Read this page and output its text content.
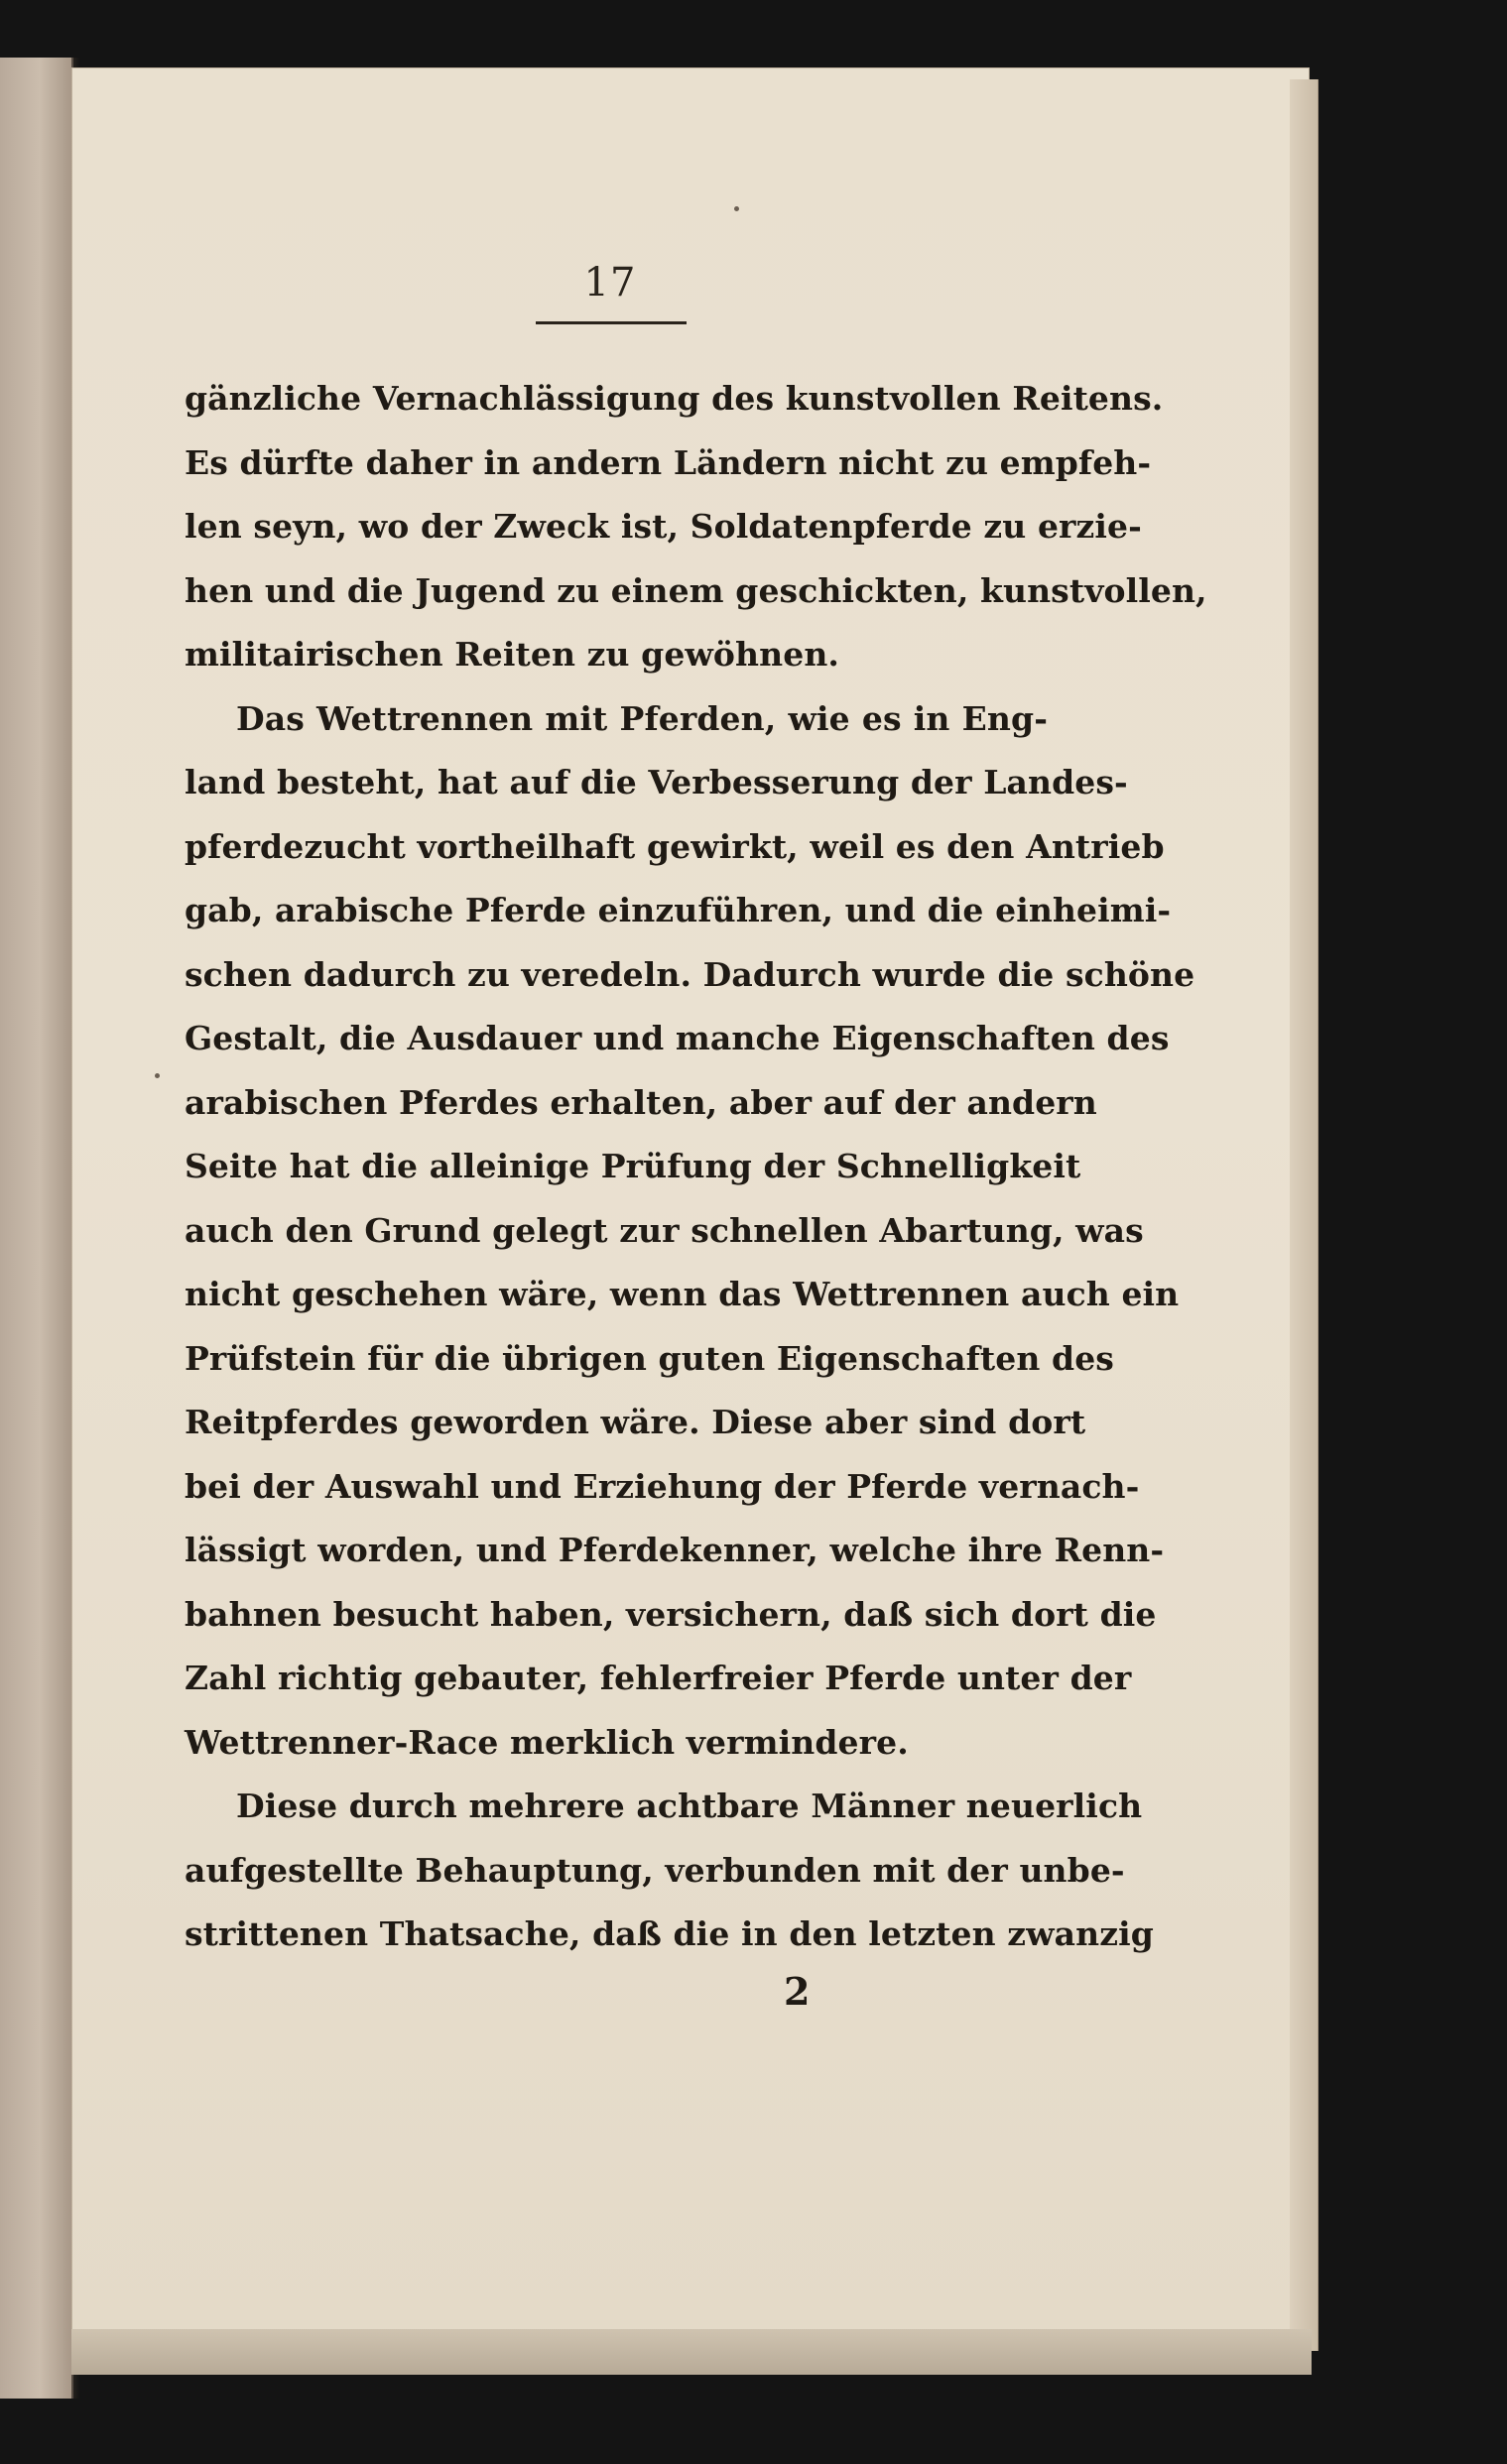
17
gänzliche Vernachlässigung des kunstvollen Reitens.
Es dürfte daher in andern Ländern nicht zu empfeh-
len seyn, wo der Zweck ist, Soldatenpferde zu erzie-
hen und die Jugend zu einem geschickten, kunstvollen,
militairischen Reiten zu gewöhnen.
Das Wettrennen mit Pferden, wie es in Eng-
land besteht, hat auf die Verbesserung der Landes-
pferdezucht vortheilhaft gewirkt, weil es den Antrieb
gab, arabische Pferde einzuführen, und die einheimi-
schen dadurch zu veredeln. Dadurch wurde die schöne
Gestalt, die Ausdauer und manche Eigenschaften des
arabischen Pferdes erhalten, aber auf der andern
Seite hat die alleinige Prüfung der Schnelligkeit
auch den Grund gelegt zur schnellen Abartung, was
nicht geschehen wäre, wenn das Wettrennen auch ein
Prüfstein für die übrigen guten Eigenschaften des
Reitpferdes geworden wäre. Diese aber sind dort
bei der Auswahl und Erziehung der Pferde vernach-
lässigt worden, und Pferdekenner, welche ihre Renn-
bahnen besucht haben, versichern, daß sich dort die
Zahl richtig gebauter, fehlerfreier Pferde unter der
Wettrenner-Race merklich verminderе.
Diese durch mehrere achtbare Männer neuerlich
aufgestellte Behauptung, verbunden mit der unbe-
strittenen Thatsache, daß die in den letzten zwanzig
2
